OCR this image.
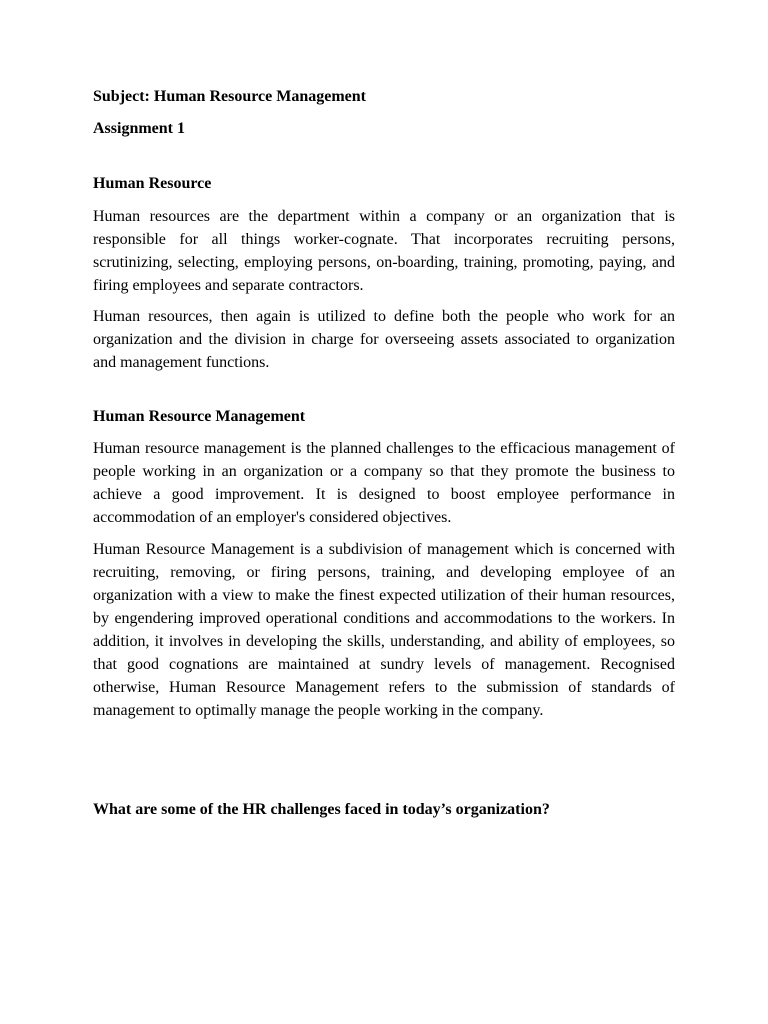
Subject: Human Resource Management

Assignment 1

Human Resource

Human resources are the department within a company or an organization that is responsible for all things worker-cognate. That incorporates recruiting persons, scrutinizing, selecting, employing persons, on-boarding, training, promoting, paying, and firing employees and separate contractors.

Human resources, then again is utilized to define both the people who work for an organization and the division in charge for overseeing assets associated to organization and management functions.

Human Resource Management

Human resource management is the planned challenges to the efficacious management of people working in an organization or a company so that they promote the business to achieve a good improvement. It is designed to boost employee performance in accommodation of an employer's considered objectives.

Human Resource Management is a subdivision of management which is concerned with recruiting, removing, or firing persons, training, and developing employee of an organization with a view to make the finest expected utilization of their human resources, by engendering improved operational conditions and accommodations to the workers. In addition, it involves in developing the skills, understanding, and ability of employees, so that good cognations are maintained at sundry levels of management. Recognised otherwise, Human Resource Management refers to the submission of standards of management to optimally manage the people working in the company.

What are some of the HR challenges faced in today’s organization?
